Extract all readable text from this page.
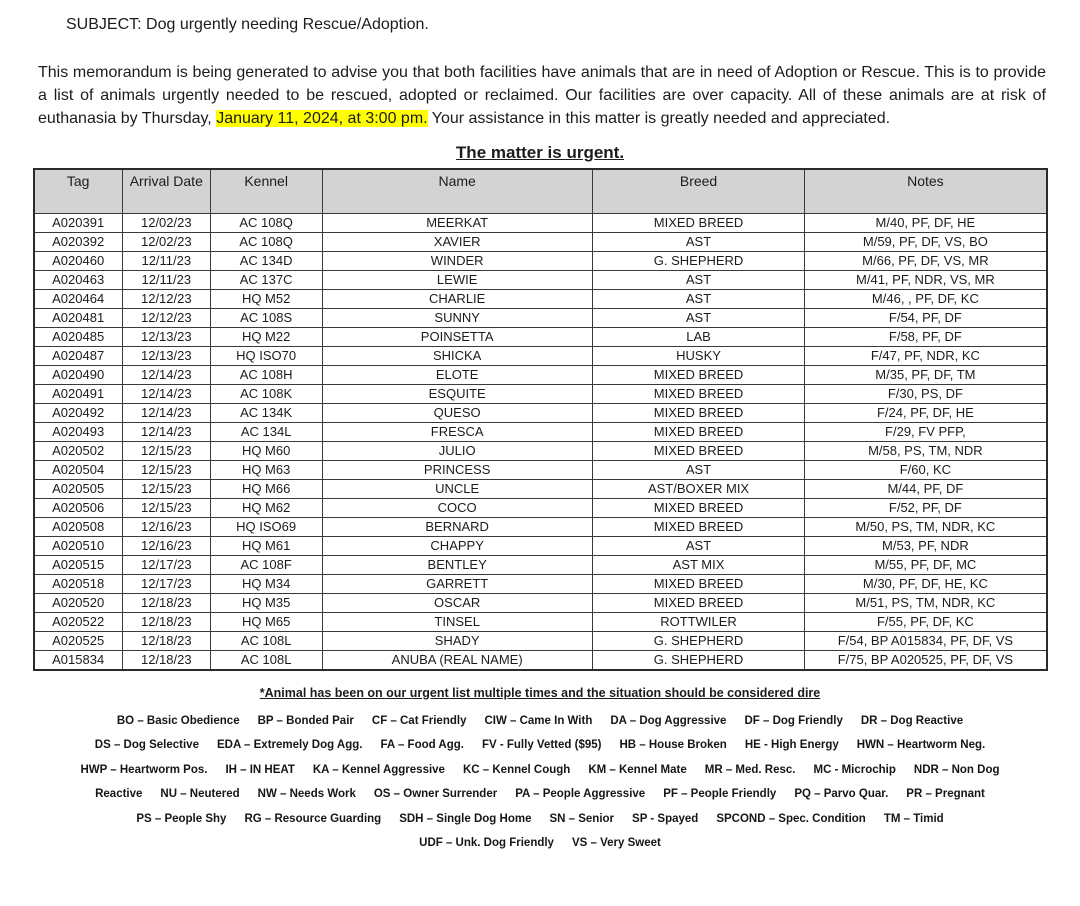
SUBJECT: Dog urgently needing Rescue/Adoption.

This memorandum is being generated to advise you that both facilities have animals that are in need of Adoption or Rescue. This is to provide a list of animals urgently needed to be rescued, adopted or reclaimed. Our facilities are over capacity. All of these animals are at risk of euthanasia by Thursday, January 11, 2024, at 3:00 pm. Your assistance in this matter is greatly needed and appreciated.

The matter is urgent.
Tag	Arrival Date	Kennel	Name	Breed	Notes
A020391	12/02/23	AC 108Q	MEERKAT	MIXED BREED	M/40, PF, DF, HE
A020392	12/02/23	AC 108Q	XAVIER	AST	M/59, PF, DF, VS, BO
A020460	12/11/23	AC 134D	WINDER	G. SHEPHERD	M/66, PF, DF, VS, MR
A020463	12/11/23	AC 137C	LEWIE	AST	M/41, PF, NDR, VS, MR
A020464	12/12/23	HQ M52	CHARLIE	AST	M/46, , PF, DF, KC
A020481	12/12/23	AC 108S	SUNNY	AST	F/54, PF, DF
A020485	12/13/23	HQ M22	POINSETTA	LAB	F/58, PF, DF
A020487	12/13/23	HQ ISO70	SHICKA	HUSKY	F/47, PF, NDR, KC
A020490	12/14/23	AC 108H	ELOTE	MIXED BREED	M/35, PF, DF, TM
A020491	12/14/23	AC 108K	ESQUITE	MIXED BREED	F/30, PS, DF
A020492	12/14/23	AC 134K	QUESO	MIXED BREED	F/24, PF, DF, HE
A020493	12/14/23	AC 134L	FRESCA	MIXED BREED	F/29, FV PFP,
A020502	12/15/23	HQ M60	JULIO	MIXED BREED	M/58, PS, TM, NDR
A020504	12/15/23	HQ M63	PRINCESS	AST	F/60, KC
A020505	12/15/23	HQ M66	UNCLE	AST/BOXER MIX	M/44, PF, DF
A020506	12/15/23	HQ M62	COCO	MIXED BREED	F/52, PF, DF
A020508	12/16/23	HQ ISO69	BERNARD	MIXED BREED	M/50, PS, TM, NDR, KC
A020510	12/16/23	HQ M61	CHAPPY	AST	M/53, PF, NDR
A020515	12/17/23	AC 108F	BENTLEY	AST MIX	M/55, PF, DF, MC
A020518	12/17/23	HQ M34	GARRETT	MIXED BREED	M/30, PF, DF, HE, KC
A020520	12/18/23	HQ M35	OSCAR	MIXED BREED	M/51, PS, TM, NDR, KC
A020522	12/18/23	HQ M65	TINSEL	ROTTWILER	F/55, PF, DF, KC
A020525	12/18/23	AC 108L	SHADY	G. SHEPHERD	F/54, BP A015834, PF, DF, VS
A015834	12/18/23	AC 108L	ANUBA (REAL NAME)	G. SHEPHERD	F/75, BP A020525, PF, DF, VS
*Animal has been on our urgent list multiple times and the situation should be considered dire
BO – Basic Obedience BP – Bonded Pair CF – Cat Friendly CIW – Came In With DA – Dog Aggressive DF – Dog Friendly DR – Dog Reactive
DS – Dog Selective EDA – Extremely Dog Agg. FA – Food Agg. FV - Fully Vetted ($95) HB – House Broken HE - High Energy HWN – Heartworm Neg.
HWP – Heartworm Pos. IH – IN HEAT KA – Kennel Aggressive KC – Kennel Cough KM – Kennel Mate MR – Med. Resc. MC - Microchip NDR – Non Dog
Reactive NU – Neutered NW – Needs Work OS – Owner Surrender PA – People Aggressive PF – People Friendly PQ – Parvo Quar. PR – Pregnant
PS – People Shy RG – Resource Guarding SDH – Single Dog Home SN – Senior SP - Spayed SPCOND – Spec. Condition TM – Timid
UDF – Unk. Dog Friendly VS – Very Sweet
